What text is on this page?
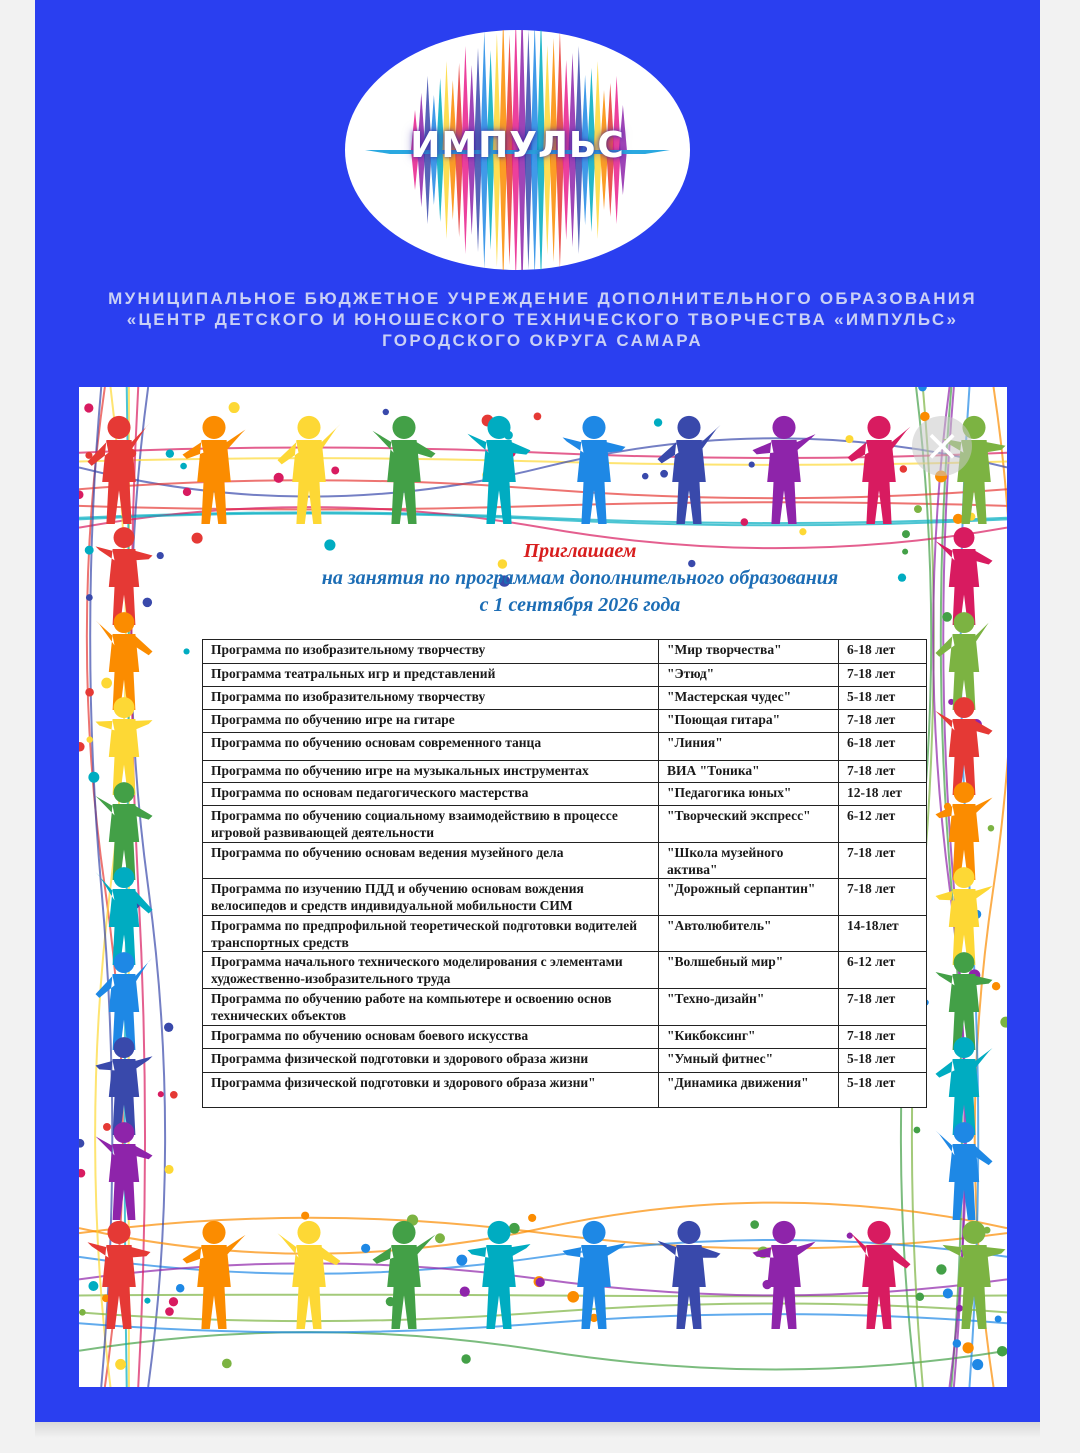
ИМПУЛЬС
МУНИЦИПАЛЬНОЕ БЮДЖЕТНОЕ УЧРЕЖДЕНИЕ ДОПОЛНИТЕЛЬНОГО ОБРАЗОВАНИЯ
«ЦЕНТР ДЕТСКОГО И ЮНОШЕСКОГО ТЕХНИЧЕСКОГО ТВОРЧЕСТВА «ИМПУЛЬС»
ГОРОДСКОГО ОКРУГА САМАРА
×
Приглашаем
на занятия по программам дополнительного образования
с 1 сентября 2026 года
Программа по изобразительному творчеству	"Мир творчества"	6-18 лет
Программа театральных игр и представлений	"Этюд"	7-18 лет
Программа по изобразительному творчеству	"Мастерская чудес"	5-18 лет
Программа по обучению игре на гитаре	"Поющая гитара"	7-18 лет
Программа по обучению основам современного танца	"Линия"	6-18 лет
Программа по обучению игре на музыкальных инструментах	ВИА "Тоника"	7-18 лет
Программа по основам педагогического мастерства	"Педагогика юных"	12-18 лет
Программа по обучению социальному взаимодействию в процессе игровой развивающей деятельности	"Творческий экспресс"	6-12 лет
Программа по обучению основам ведения музейного дела	"Школа музейного актива"	7-18 лет
Программа по изучению ПДД и обучению основам вождения велосипедов и средств индивидуальной мобильности СИМ	"Дорожный серпантин"	7-18 лет
Программа по предпрофильной теоретической подготовки водителей транспортных средств	"Автолюбитель"	14-18лет
Программа начального технического моделирования с элементами художественно-изобразительного труда	"Волшебный мир"	6-12 лет
Программа по обучению работе на компьютере и освоению основ технических объектов	"Техно-дизайн"	7-18 лет
Программа по обучению основам боевого искусства	"Кикбоксинг"	7-18 лет
Программа физической подготовки и здорового образа жизни	"Умный фитнес"	5-18 лет
Программа физической подготовки и здорового образа жизни"	"Динамика движения"	5-18 лет
